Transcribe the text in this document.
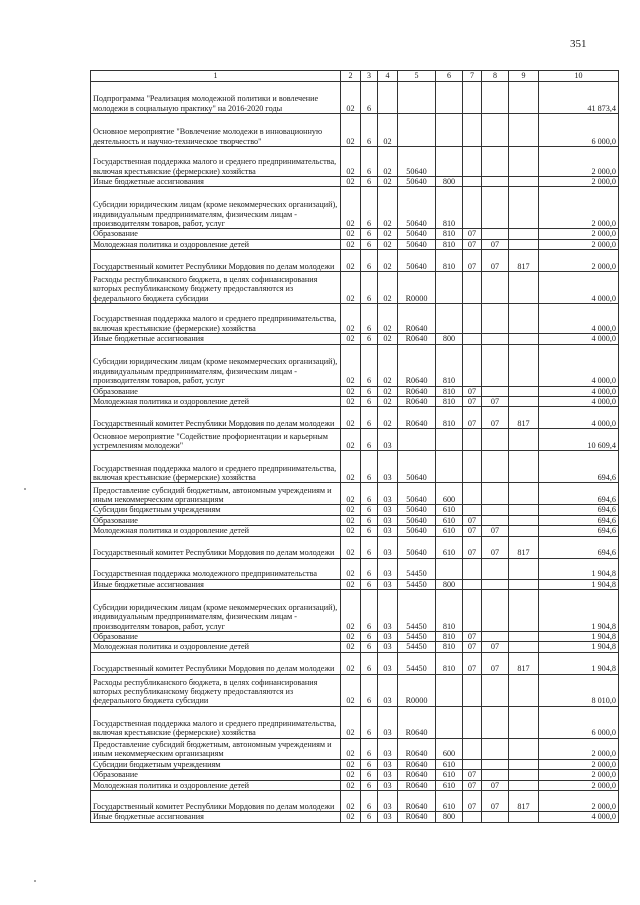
351
1	2	3	4	5	6	7	8	9	10
Подпрограмма "Реализация молодежной политики и вовлечение молодежи в социальную практику" на 2016-2020 годы	02	6							41 873,4
Основное мероприятие "Вовлечение молодежи в инновационную деятельность и научно-техническое творчество"	02	6	02						6 000,0
Государственная поддержка малого и среднего предпринимательства, включая крестьянские (фермерские) хозяйства	02	6	02	50640					2 000,0
Иные бюджетные ассигнования	02	6	02	50640	800				2 000,0
Субсидии юридическим лицам (кроме некоммерческих организаций), индивидуальным предпринимателям, физическим лицам - производителям товаров, работ, услуг	02	6	02	50640	810				2 000,0
Образование	02	6	02	50640	810	07			2 000,0
Молодежная политика и оздоровление детей	02	6	02	50640	810	07	07		2 000,0
Государственный комитет Республики Мордовия по делам молодежи	02	6	02	50640	810	07	07	817	2 000,0
Расходы республиканского бюджета, в целях софинансирования которых республиканскому бюджету предоставляются из федерального бюджета субсидии	02	6	02	R0000					4 000,0
Государственная поддержка малого и среднего предпринимательства, включая крестьянские (фермерские) хозяйства	02	6	02	R0640					4 000,0
Иные бюджетные ассигнования	02	6	02	R0640	800				4 000,0
Субсидии юридическим лицам (кроме некоммерческих организаций), индивидуальным предпринимателям, физическим лицам - производителям товаров, работ, услуг	02	6	02	R0640	810				4 000,0
Образование	02	6	02	R0640	810	07			4 000,0
Молодежная политика и оздоровление детей	02	6	02	R0640	810	07	07		4 000,0
Государственный комитет Республики Мордовия по делам молодежи	02	6	02	R0640	810	07	07	817	4 000,0
Основное мероприятие "Содействие профориентации и карьерным устремлениям молодежи"	02	6	03						10 609,4
Государственная поддержка малого и среднего предпринимательства, включая крестьянские (фермерские) хозяйства	02	6	03	50640					694,6
Предоставление субсидий бюджетным, автономным учреждениям и иным некоммерческим организациям	02	6	03	50640	600				694,6
Субсидии бюджетным учреждениям	02	6	03	50640	610				694,6
Образование	02	6	03	50640	610	07			694,6
Молодежная политика и оздоровление детей	02	6	03	50640	610	07	07		694,6
Государственный комитет Республики Мордовия по делам молодежи	02	6	03	50640	610	07	07	817	694,6
Государственная поддержка молодежного предпринимательства	02	6	03	54450					1 904,8
Иные бюджетные ассигнования	02	6	03	54450	800				1 904,8
Субсидии юридическим лицам (кроме некоммерческих организаций), индивидуальным предпринимателям, физическим лицам - производителям товаров, работ, услуг	02	6	03	54450	810				1 904,8
Образование	02	6	03	54450	810	07			1 904,8
Молодежная политика и оздоровление детей	02	6	03	54450	810	07	07		1 904,8
Государственный комитет Республики Мордовия по делам молодежи	02	6	03	54450	810	07	07	817	1 904,8
Расходы республиканского бюджета, в целях софинансирования которых республиканскому бюджету предоставляются из федерального бюджета субсидии	02	6	03	R0000					8 010,0
Государственная поддержка малого и среднего предпринимательства, включая крестьянские (фермерские) хозяйства	02	6	03	R0640					6 000,0
Предоставление субсидий бюджетным, автономным учреждениям и иным некоммерческим организациям	02	6	03	R0640	600				2 000,0
Субсидии бюджетным учреждениям	02	6	03	R0640	610				2 000,0
Образование	02	6	03	R0640	610	07			2 000,0
Молодежная политика и оздоровление детей	02	6	03	R0640	610	07	07		2 000,0
Государственный комитет Республики Мордовия по делам молодежи	02	6	03	R0640	610	07	07	817	2 000,0
Иные бюджетные ассигнования	02	6	03	R0640	800				4 000,0
